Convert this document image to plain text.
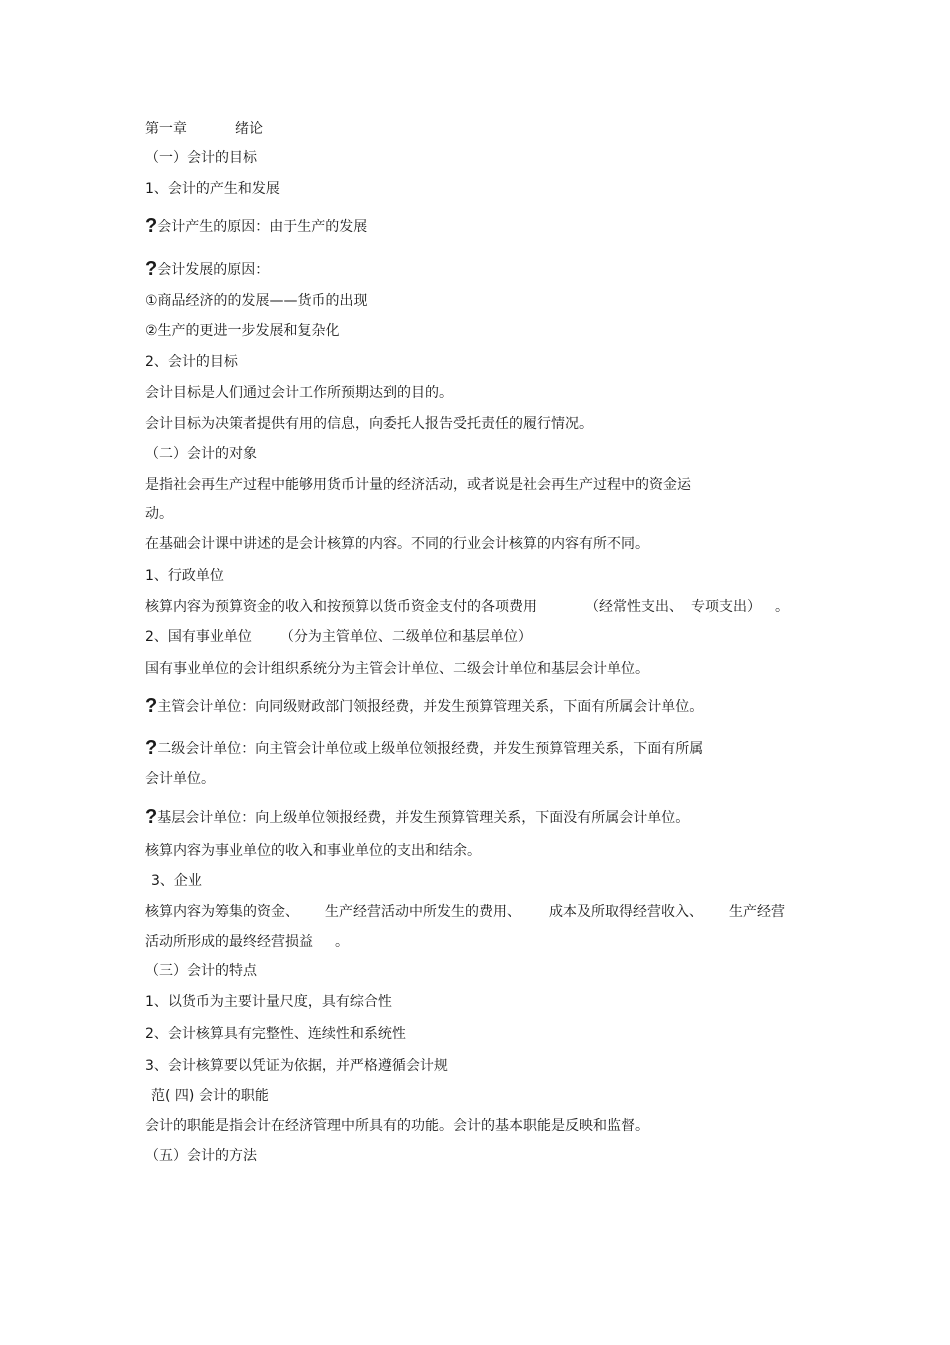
第一章	绪论
（一）会计的目标
1、会计的产生和发展
?会计产生的原因：由于生产的发展
?会计发展的原因：
①商品经济的的发展——货币的出现
②生产的更进一步发展和复杂化
2、会计的目标
会计目标是人们通过会计工作所预期达到的目的。
会计目标为决策者提供有用的信息，向委托人报告受托责任的履行情况。
（二）会计的对象
是指社会再生产过程中能够用货币计量的经济活动，或者说是社会再生产过程中的资金运
动。
在基础会计课中讲述的是会计核算的内容。不同的行业会计核算的内容有所不同。
1、行政单位
核算内容为预算资金的收入和按预算以货币资金支付的各项费用	（经常性支出、 专项支出） 。
2、国有事业单位 （分为主管单位、二级单位和基层单位）
国有事业单位的会计组织系统分为主管会计单位、二级会计单位和基层会计单位。
?主管会计单位：向同级财政部门领报经费，并发生预算管理关系，下面有所属会计单位。
?二级会计单位：向主管会计单位或上级单位领报经费，并发生预算管理关系，下面有所属
会计单位。
?基层会计单位：向上级单位领报经费，并发生预算管理关系，下面没有所属会计单位。
核算内容为事业单位的收入和事业单位的支出和结余。
3、企业
核算内容为筹集的资金、 生产经营活动中所发生的费用、 成本及所取得经营收入、 生产经营
活动所形成的最终经营损益 。
（三）会计的特点
1、以货币为主要计量尺度，具有综合性
2、会计核算具有完整性、连续性和系统性
3、会计核算要以凭证为依据，并严格遵循会计规
范( 四) 会计的职能
会计的职能是指会计在经济管理中所具有的功能。会计的基本职能是反映和监督。
（五）会计的方法
